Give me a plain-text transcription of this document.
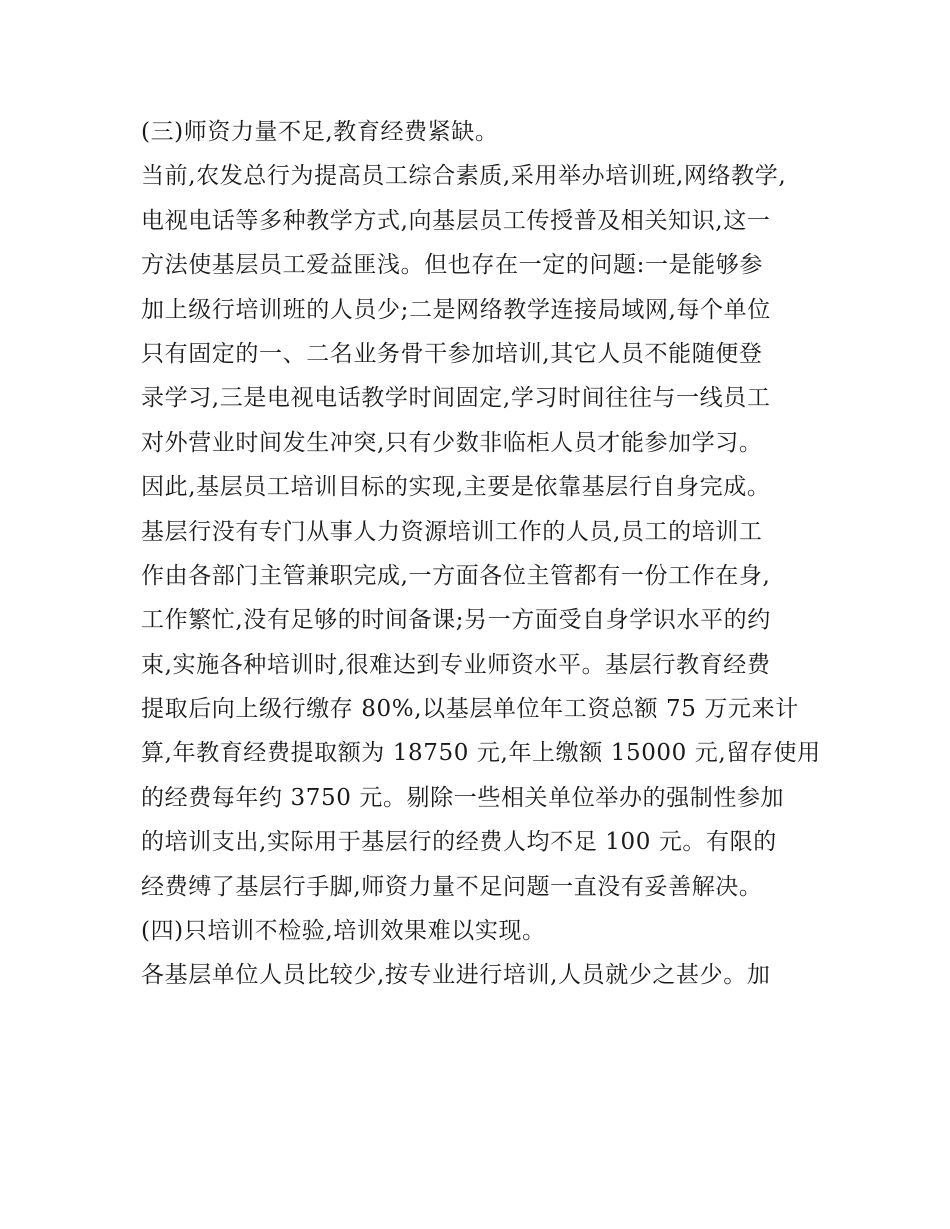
(三)师资力量不足,教育经费紧缺。
当前,农发总行为提高员工综合素质,采用举办培训班,网络教学,
电视电话等多种教学方式,向基层员工传授普及相关知识,这一
方法使基层员工爱益匪浅。但也存在一定的问题:一是能够参
加上级行培训班的人员少;二是网络教学连接局域网,每个单位
只有固定的一、二名业务骨干参加培训,其它人员不能随便登
录学习,三是电视电话教学时间固定,学习时间往往与一线员工
对外营业时间发生冲突,只有少数非临柜人员才能参加学习。
因此,基层员工培训目标的实现,主要是依靠基层行自身完成。
基层行没有专门从事人力资源培训工作的人员,员工的培训工
作由各部门主管兼职完成,一方面各位主管都有一份工作在身,
工作繁忙,没有足够的时间备课;另一方面受自身学识水平的约
束,实施各种培训时,很难达到专业师资水平。基层行教育经费
提取后向上级行缴存 80%,以基层单位年工资总额 75 万元来计
算,年教育经费提取额为 18750 元,年上缴额 15000 元,留存使用
的经费每年约 3750 元。剔除一些相关单位举办的强制性参加
的培训支出,实际用于基层行的经费人均不足 100 元。有限的
经费缚了基层行手脚,师资力量不足问题一直没有妥善解决。
(四)只培训不检验,培训效果难以实现。
各基层单位人员比较少,按专业进行培训,人员就少之甚少。加
